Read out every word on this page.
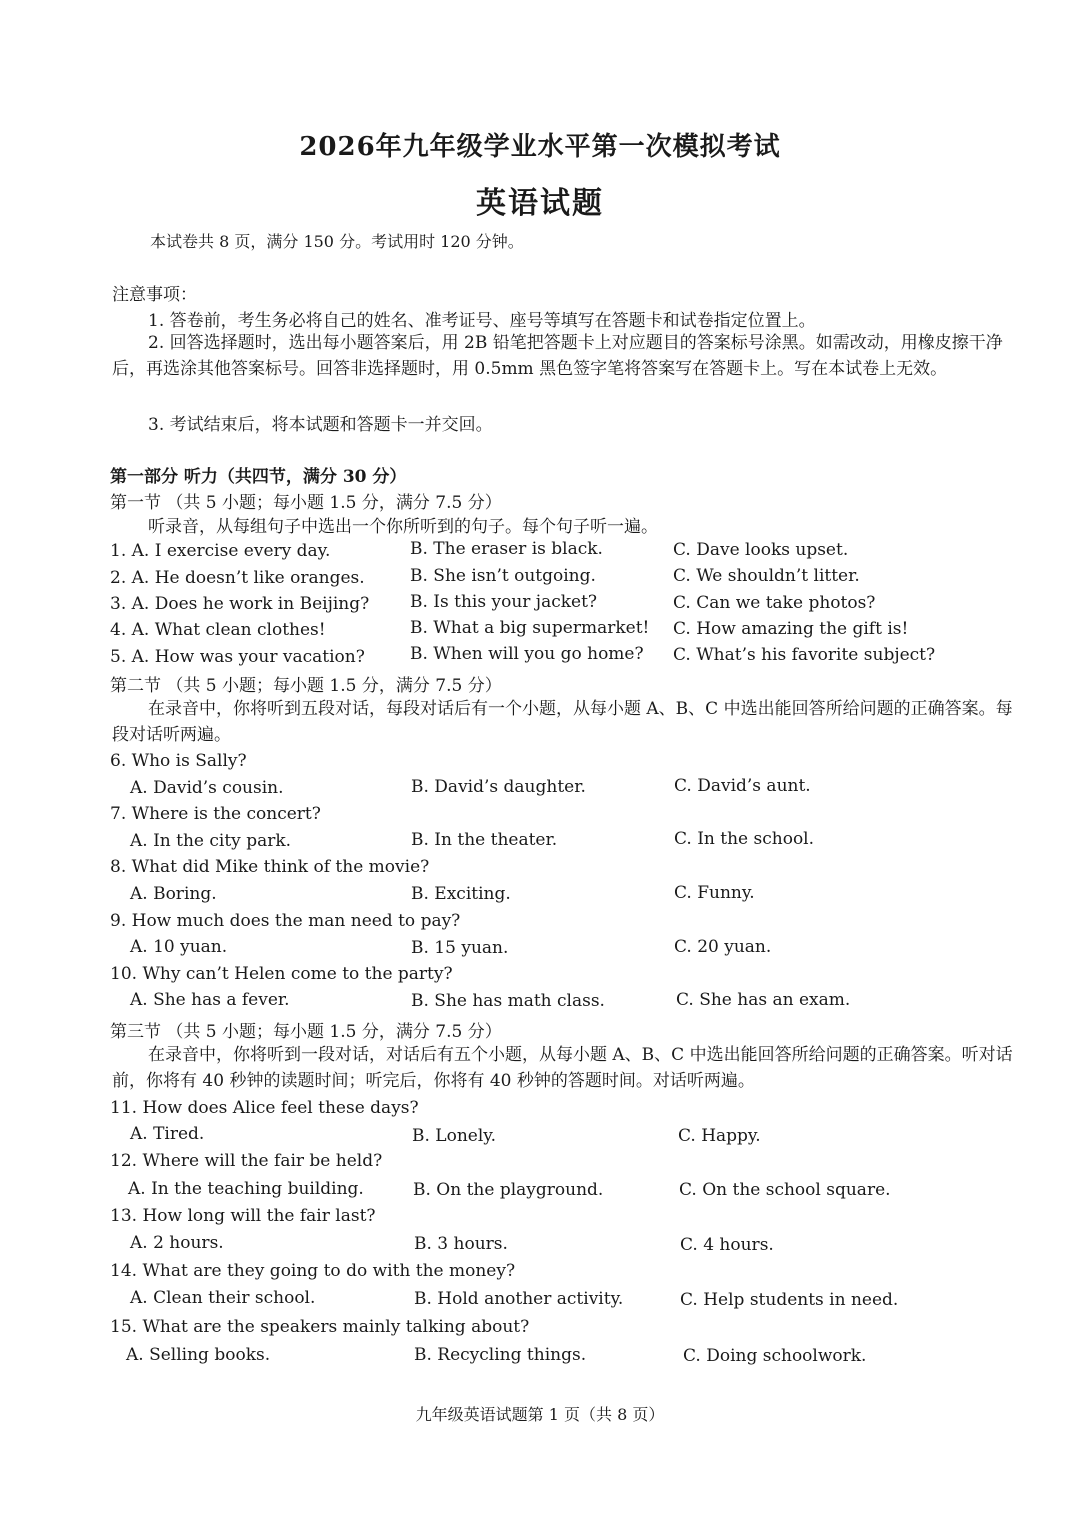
2026年九年级学业水平第一次模拟考试
英语试题
本试卷共 8 页，满分 150 分。考试用时 120 分钟。
注意事项：
1. 答卷前，考生务必将自己的姓名、准考证号、座号等填写在答题卡和试卷指定位置上。
2. 回答选择题时，选出每小题答案后，用 2B 铅笔把答题卡上对应题目的答案标号涂黑。如需改动，用橡皮擦干净后，再选涂其他答案标号。回答非选择题时，用 0.5mm 黑色签字笔将答案写在答题卡上。写在本试卷上无效。
3. 考试结束后，将本试题和答题卡一并交回。
第一部分 听力（共四节，满分 30 分）
第一节 （共 5 小题；每小题 1.5 分，满分 7.5 分）
听录音，从每组句子中选出一个你所听到的句子。每个句子听一遍。
1. A. I exercise every day.	B. The eraser is black.	C. Dave looks upset.
2. A. He doesn’t like oranges.	B. She isn’t outgoing.	C. We shouldn’t litter.
3. A. Does he work in Beijing? B. Is this your jacket?	C. Can we take photos?
4. A. What clean clothes!	B. What a big supermarket! C. How amazing the gift is!
5. A. How was your vacation?	B. When will you go home? C. What’s his favorite subject?
第二节 （共 5 小题；每小题 1.5 分，满分 7.5 分）
在录音中，你将听到五段对话，每段对话后有一个小题，从每小题 A、B、C 中选出能回答所给问题的正确答案。每段对话听两遍。
6. Who is Sally?
A. David’s cousin.	B. David’s daughter.	C. David’s aunt.
7. Where is the concert?
A. In the city park.	B. In the theater.	C. In the school.
8. What did Mike think of the movie?
A. Boring.	B. Exciting.	C. Funny.
9. How much does the man need to pay?
A. 10 yuan.	B. 15 yuan.	C. 20 yuan.
10. Why can’t Helen come to the party?
A. She has a fever.	B. She has math class.	C. She has an exam.
第三节 （共 5 小题；每小题 1.5 分，满分 7.5 分）
在录音中，你将听到一段对话，对话后有五个小题，从每小题 A、B、C 中选出能回答所给问题的正确答案。听对话前，你将有 40 秒钟的读题时间；听完后，你将有 40 秒钟的答题时间。对话听两遍。
11. How does Alice feel these days?
A. Tired.	B. Lonely.	C. Happy.
12. Where will the fair be held?
A. In the teaching building.	B. On the playground.	C. On the school square.
13. How long will the fair last?
A. 2 hours.	B. 3 hours.	C. 4 hours.
14. What are they going to do with the money?
A. Clean their school.	B. Hold another activity.	C. Help students in need.
15. What are the speakers mainly talking about?
A. Selling books.	B. Recycling things.	C. Doing schoolwork.
九年级英语试题第 1 页（共 8 页）
